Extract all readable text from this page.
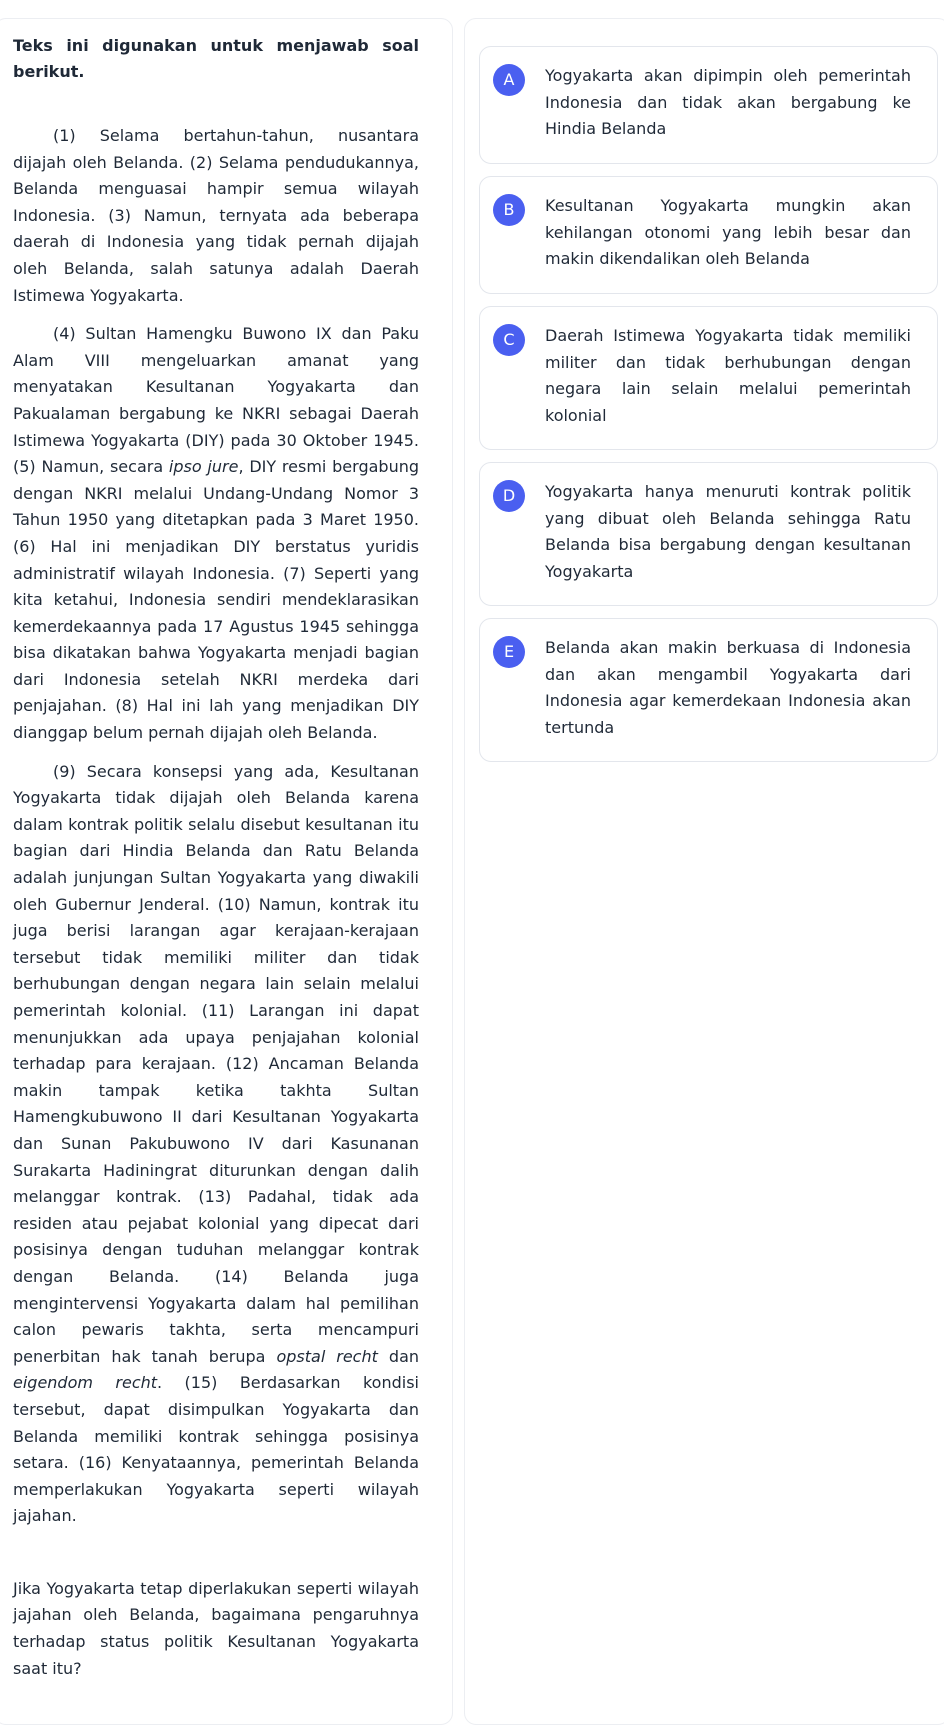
Teks ini digunakan untuk menjawab soal berikut.

(1) Selama bertahun-tahun, nusantara dijajah oleh Belanda. (2) Selama pendudukannya, Belanda menguasai hampir semua wilayah Indonesia. (3) Namun, ternyata ada beberapa daerah di Indonesia yang tidak pernah dijajah oleh Belanda, salah satunya adalah Daerah Istimewa Yogyakarta.

(4) Sultan Hamengku Buwono IX dan Paku Alam VIII mengeluarkan amanat yang menyatakan Kesultanan Yogyakarta dan Pakualaman bergabung ke NKRI sebagai Daerah Istimewa Yogyakarta (DIY) pada 30 Oktober 1945. (5) Namun, secara ipso jure, DIY resmi bergabung dengan NKRI melalui Undang-Undang Nomor 3 Tahun 1950 yang ditetapkan pada 3 Maret 1950. (6) Hal ini menjadikan DIY berstatus yuridis administratif wilayah Indonesia. (7) Seperti yang kita ketahui, Indonesia sendiri mendeklarasikan kemerdekaannya pada 17 Agustus 1945 sehingga bisa dikatakan bahwa Yogyakarta menjadi bagian dari Indonesia setelah NKRI merdeka dari penjajahan. (8) Hal ini lah yang menjadikan DIY dianggap belum pernah dijajah oleh Belanda.

(9) Secara konsepsi yang ada, Kesultanan Yogyakarta tidak dijajah oleh Belanda karena dalam kontrak politik selalu disebut kesultanan itu bagian dari Hindia Belanda dan Ratu Belanda adalah junjungan Sultan Yogyakarta yang diwakili oleh Gubernur Jenderal. (10) Namun, kontrak itu juga berisi larangan agar kerajaan-kerajaan tersebut tidak memiliki militer dan tidak berhubungan dengan negara lain selain melalui pemerintah kolonial. (11) Larangan ini dapat menunjukkan ada upaya penjajahan kolonial terhadap para kerajaan. (12) Ancaman Belanda makin tampak ketika takhta Sultan Hamengkubuwono II dari Kesultanan Yogyakarta dan Sunan Pakubuwono IV dari Kasunanan Surakarta Hadiningrat diturunkan dengan dalih melanggar kontrak. (13) Padahal, tidak ada residen atau pejabat kolonial yang dipecat dari posisinya dengan tuduhan melanggar kontrak dengan Belanda. (14) Belanda juga mengintervensi Yogyakarta dalam hal pemilihan calon pewaris takhta, serta mencampuri penerbitan hak tanah berupa opstal recht dan eigendom recht. (15) Berdasarkan kondisi tersebut, dapat disimpulkan Yogyakarta dan Belanda memiliki kontrak sehingga posisinya setara. (16) Kenyataannya, pemerintah Belanda memperlakukan Yogyakarta seperti wilayah jajahan.

Jika Yogyakarta tetap diperlakukan seperti wilayah jajahan oleh Belanda, bagaimana pengaruhnya terhadap status politik Kesultanan Yogyakarta saat itu?

A	Yogyakarta akan dipimpin oleh pemerintah Indonesia dan tidak akan bergabung ke Hindia Belanda

B	Kesultanan Yogyakarta mungkin akan kehilangan otonomi yang lebih besar dan makin dikendalikan oleh Belanda

C	Daerah Istimewa Yogyakarta tidak memiliki militer dan tidak berhubungan dengan negara lain selain melalui pemerintah kolonial

D	Yogyakarta hanya menuruti kontrak politik yang dibuat oleh Belanda sehingga Ratu Belanda bisa bergabung dengan kesultanan Yogyakarta

E	Belanda akan makin berkuasa di Indonesia dan akan mengambil Yogyakarta dari Indonesia agar kemerdekaan Indonesia akan tertunda
